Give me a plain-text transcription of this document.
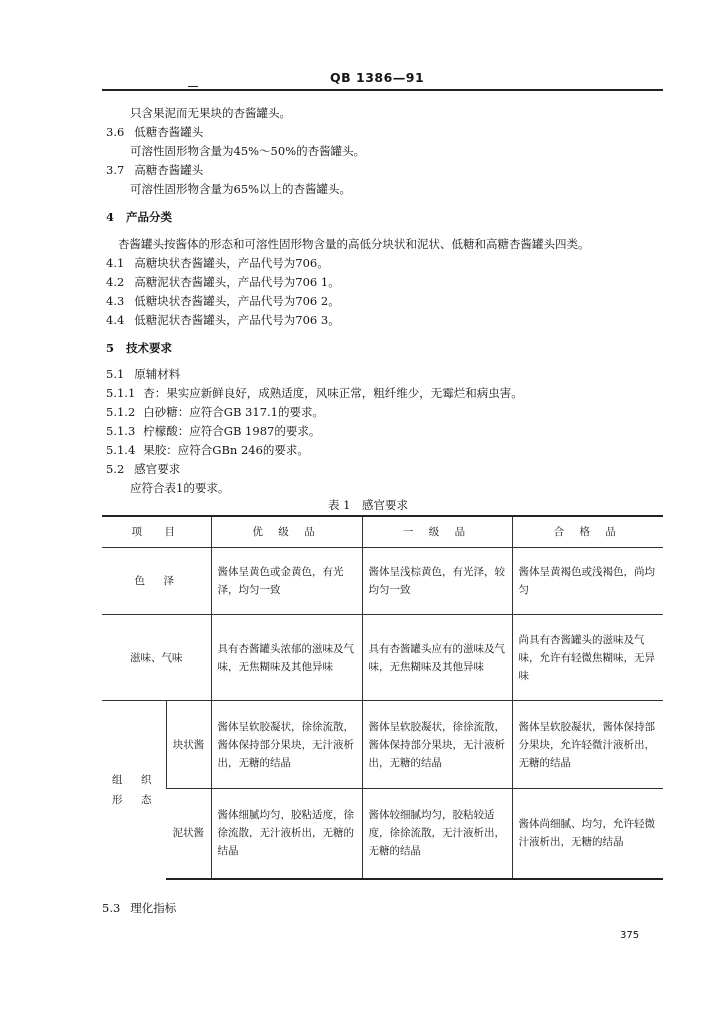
QB 1386—91
只含果泥而无果块的杏酱罐头。
3.6 低糖杏酱罐头
可溶性固形物含量为45%～50%的杏酱罐头。
3.7 高糖杏酱罐头
可溶性固形物含量为65%以上的杏酱罐头。
4 产品分类
杏酱罐头按酱体的形态和可溶性固形物含量的高低分块状和泥状、低糖和高糖杏酱罐头四类。
4.1 高糖块状杏酱罐头，产品代号为706。
4.2 高糖泥状杏酱罐头，产品代号为706 1。
4.3 低糖块状杏酱罐头，产品代号为706 2。
4.4 低糖泥状杏酱罐头，产品代号为706 3。
5 技术要求
5.1 原辅材料
5.1.1 杏：果实应新鲜良好，成熟适度，风味正常，粗纤维少，无霉烂和病虫害。
5.1.2 白砂糖：应符合GB 317.1的要求。
5.1.3 柠檬酸：应符合GB 1987的要求。
5.1.4 果胶：应符合GBn 246的要求。
5.2 感官要求
应符合表1的要求。
表 1　感官要求
项　目		优 级 品	一 级 品	合 格 品
色　泽		酱体呈黄色或金黄色，有光泽，均匀一致	酱体呈浅棕黄色，有光泽，较均匀一致	酱体呈黄褐色或浅褐色，尚均匀
滋味、气味		具有杏酱罐头浓郁的滋味及气味，无焦糊味及其他异味	具有杏酱罐头应有的滋味及气味，无焦糊味及其他异味	尚具有杏酱罐头的滋味及气味，允许有轻微焦糊味，无异味
组　织
形　态	块状酱	酱体呈软胶凝状，徐徐流散，酱体保持部分果块，无汁液析出，无糖的结晶	酱体呈软胶凝状，徐徐流散，酱体保持部分果块，无汁液析出，无糖的结晶	酱体呈软胶凝状，酱体保持部分果块，允许轻微汁液析出，无糖的结晶
	泥状酱	酱体细腻均匀，胶粘适度，徐徐流散，无汁液析出，无糖的结晶	酱体较细腻均匀，胶粘较适度，徐徐流散，无汁液析出，无糖的结晶	酱体尚细腻、均匀，允许轻微汁液析出，无糖的结晶
5.3 理化指标
375
